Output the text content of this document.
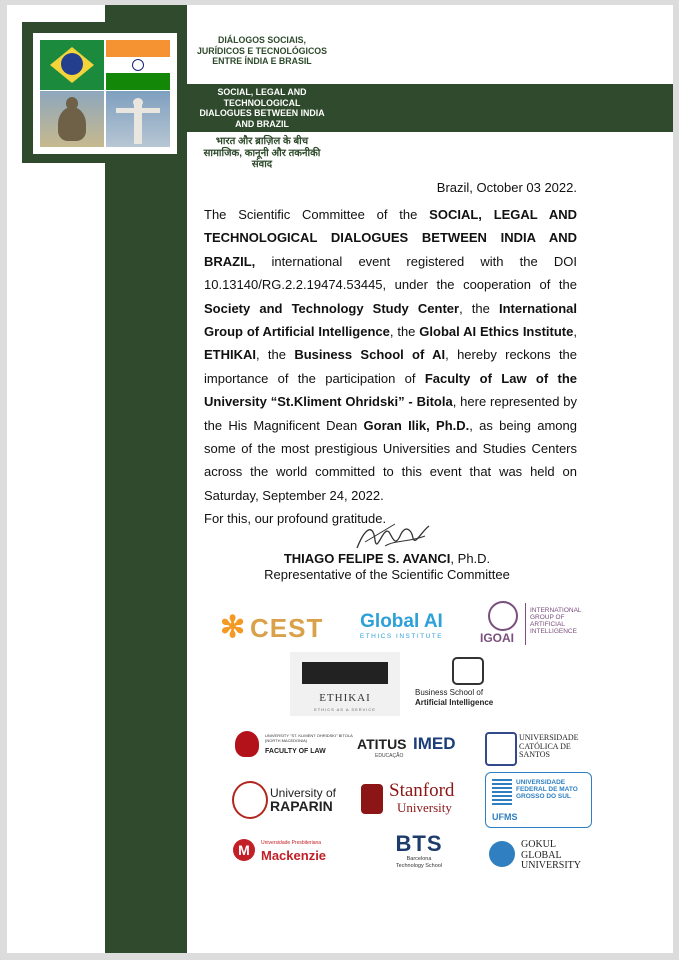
DIÁLOGOS SOCIAIS, JURÍDICOS E TECNOLÓGICOS ENTRE ÍNDIA E BRASIL
SOCIAL, LEGAL AND TECHNOLOGICAL DIALOGUES BETWEEN INDIA AND BRAZIL
भारत और ब्राज़िल के बीच सामाजिक, कानूनी और तकनीकी संवाद
Brazil, October 03 2022.
The Scientific Committee of the SOCIAL, LEGAL AND TECHNOLOGICAL DIALOGUES BETWEEN INDIA AND BRAZIL, international event registered with the DOI 10.13140/RG.2.2.19474.53445, under the cooperation of the Society and Technology Study Center, the International Group of Artificial Intelligence, the Global AI Ethics Institute, ETHIKAI, the Business School of AI, hereby reckons the importance of the participation of Faculty of Law of the University “St.Kliment Ohridski” - Bitola, here represented by the His Magnificent Dean Goran Ilik, Ph.D., as being among some of the most prestigious Universities and Studies Centers across the world committed to this event that was held on Saturday, September 24, 2022.
For this, our profound gratitude.
THIAGO FELIPE S. AVANCI, Ph.D.
Representative of the Scientific Committee
✻ CEST	Global AI
ETHICS INSTITUTE	IGOAI
INTERNATIONAL GROUP OF ARTIFICIAL INTELLIGENCE
ETHIKAI
ETHICS AS A SERVICE
Business School of
Artificial Intelligence
UNIVERSITY "ST. KLIMENT OHRIDSKI" BITOLA (NORTH MACEDONIA)
FACULTY OF LAW ATITUS
EDUCAÇÃO
IMED	UNIVERSIDADE CATÓLICA DE SANTOS
University of
RAPARIN
Stanford
University
UNIVERSIDADE FEDERAL DE MATO GROSSO DO SUL
UFMS
M	Universidade Presbiteriana
Mackenzie	BTS
Barcelona
Technology School
GOKUL GLOBAL UNIVERSITY
